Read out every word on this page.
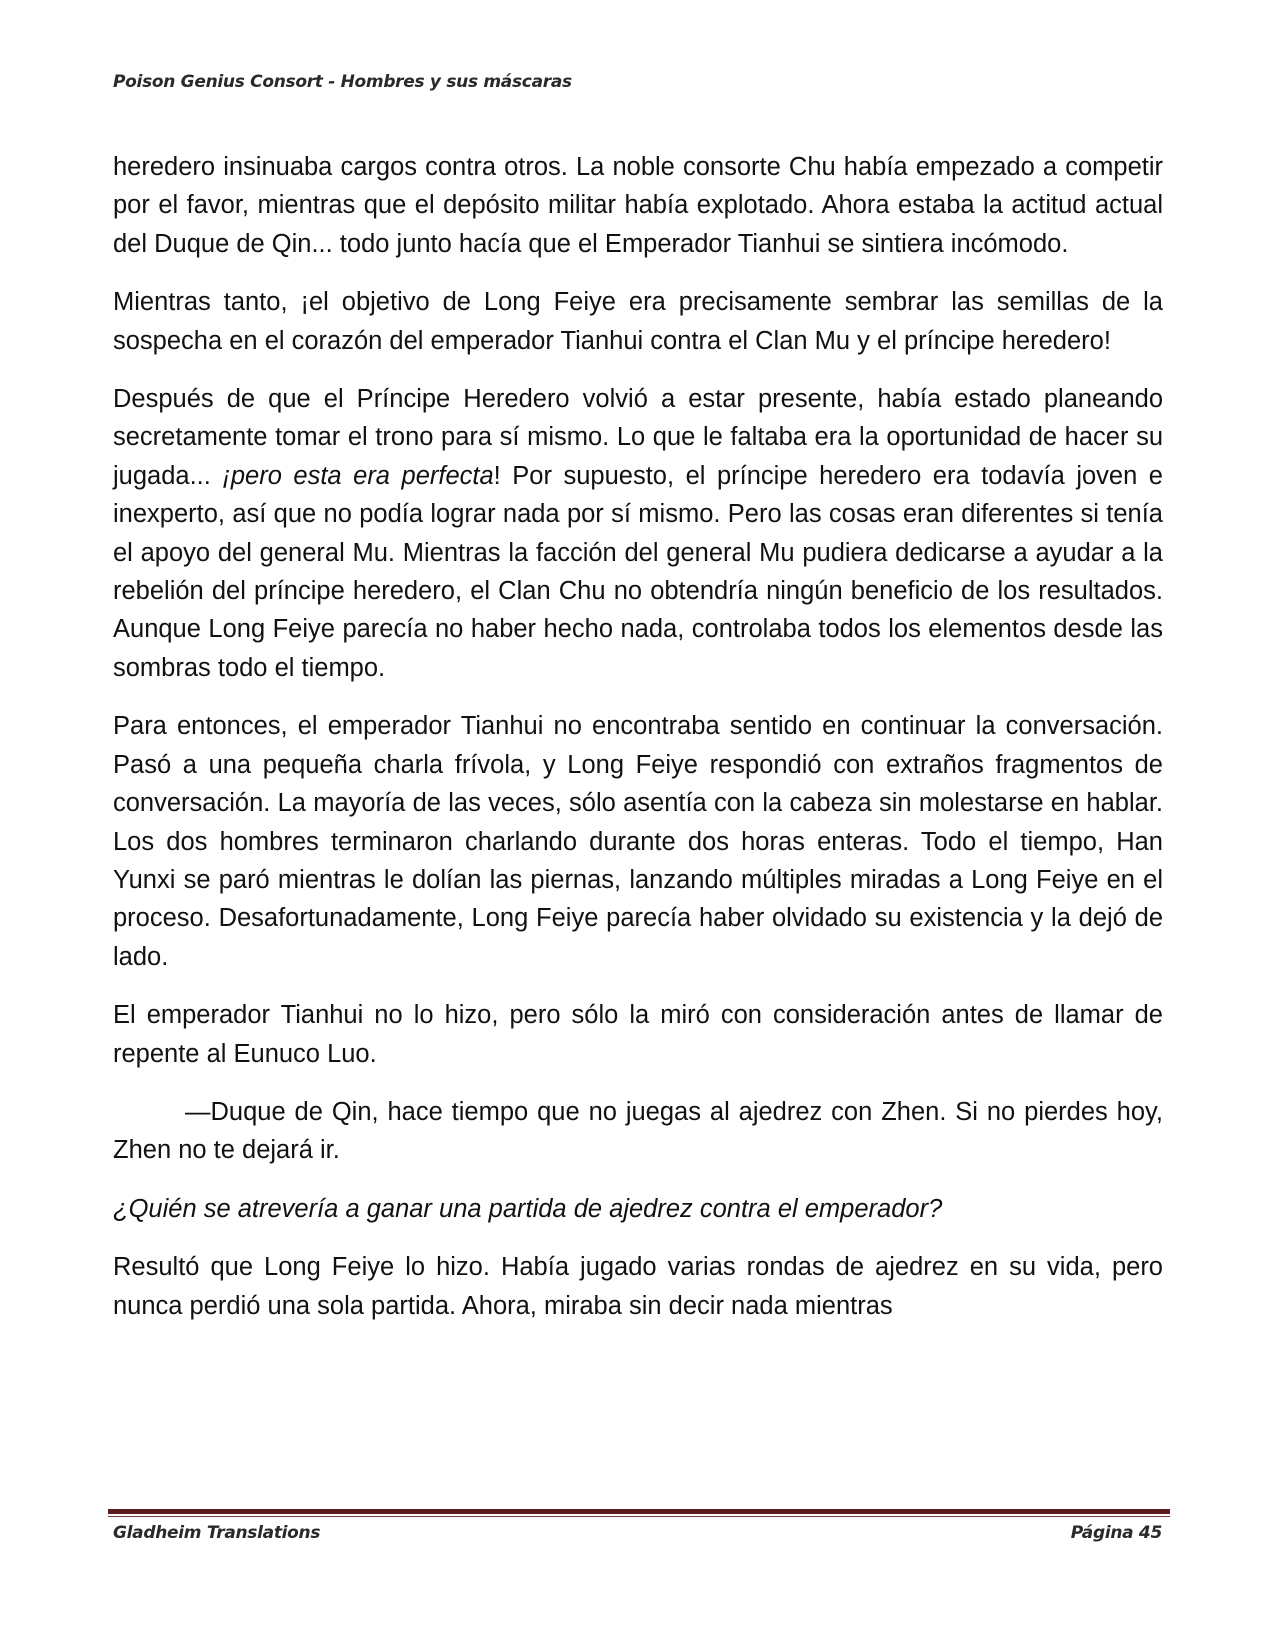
Poison Genius Consort - Hombres y sus máscaras

heredero insinuaba cargos contra otros. La noble consorte Chu había empezado a competir por el favor, mientras que el depósito militar había explotado. Ahora estaba la actitud actual del Duque de Qin... todo junto hacía que el Emperador Tianhui se sintiera incómodo.

Mientras tanto, ¡el objetivo de Long Feiye era precisamente sembrar las semillas de la sospecha en el corazón del emperador Tianhui contra el Clan Mu y el príncipe heredero!

Después de que el Príncipe Heredero volvió a estar presente, había estado planeando secretamente tomar el trono para sí mismo. Lo que le faltaba era la oportunidad de hacer su jugada... ¡pero esta era perfecta! Por supuesto, el príncipe heredero era todavía joven e inexperto, así que no podía lograr nada por sí mismo. Pero las cosas eran diferentes si tenía el apoyo del general Mu. Mientras la facción del general Mu pudiera dedicarse a ayudar a la rebelión del príncipe heredero, el Clan Chu no obtendría ningún beneficio de los resultados. Aunque Long Feiye parecía no haber hecho nada, controlaba todos los elementos desde las sombras todo el tiempo.

Para entonces, el emperador Tianhui no encontraba sentido en continuar la conversación. Pasó a una pequeña charla frívola, y Long Feiye respondió con extraños fragmentos de conversación. La mayoría de las veces, sólo asentía con la cabeza sin molestarse en hablar. Los dos hombres terminaron charlando durante dos horas enteras. Todo el tiempo, Han Yunxi se paró mientras le dolían las piernas, lanzando múltiples miradas a Long Feiye en el proceso. Desafortunadamente, Long Feiye parecía haber olvidado su existencia y la dejó de lado.

El emperador Tianhui no lo hizo, pero sólo la miró con consideración antes de llamar de repente al Eunuco Luo.

—Duque de Qin, hace tiempo que no juegas al ajedrez con Zhen. Si no pierdes hoy, Zhen no te dejará ir.

¿Quién se atrevería a ganar una partida de ajedrez contra el emperador?

Resultó que Long Feiye lo hizo. Había jugado varias rondas de ajedrez en su vida, pero nunca perdió una sola partida. Ahora, miraba sin decir nada mientras

Gladheim Translations	Página 45
